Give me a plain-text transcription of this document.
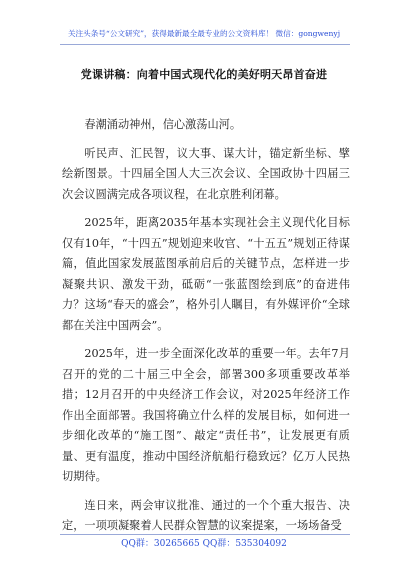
关注头条号“公文研究”，获得最新最全最专业的公文资料库！ 微信：gongwenyj
党课讲稿：向着中国式现代化的美好明天昂首奋进

春潮涌动神州，信心激荡山河。

听民声、汇民智，议大事、谋大计，锚定新坐标、擘绘新图景。十四届全国人大三次会议、全国政协十四届三次会议圆满完成各项议程，在北京胜利闭幕。

2025年，距离2035年基本实现社会主义现代化目标仅有10年，“十四五”规划迎来收官、“十五五”规划正待谋篇，值此国家发展蓝图承前启后的关键节点，怎样进一步凝聚共识、激发干劲，砥砺“一张蓝图绘到底”的奋进伟力？这场“春天的盛会”，格外引人瞩目，有外媒评价“全球都在关注中国两会”。

2025年，进一步全面深化改革的重要一年。去年7月召开的党的二十届三中全会，部署300多项重要改革举措；12月召开的中央经济工作会议，对2025年经济工作作出全面部署。我国将确立什么样的发展目标，如何进一步细化改革的“施工图”、敲定“责任书”，让发展更有质量、更有温度，推动中国经济航船行稳致远？亿万人民热切期待。

连日来，两会审议批准、通过的一个个重大报告、决定，一项项凝聚着人民群众智慧的议案提案，一场场备受

QQ群：30265665 QQ群：535304092
